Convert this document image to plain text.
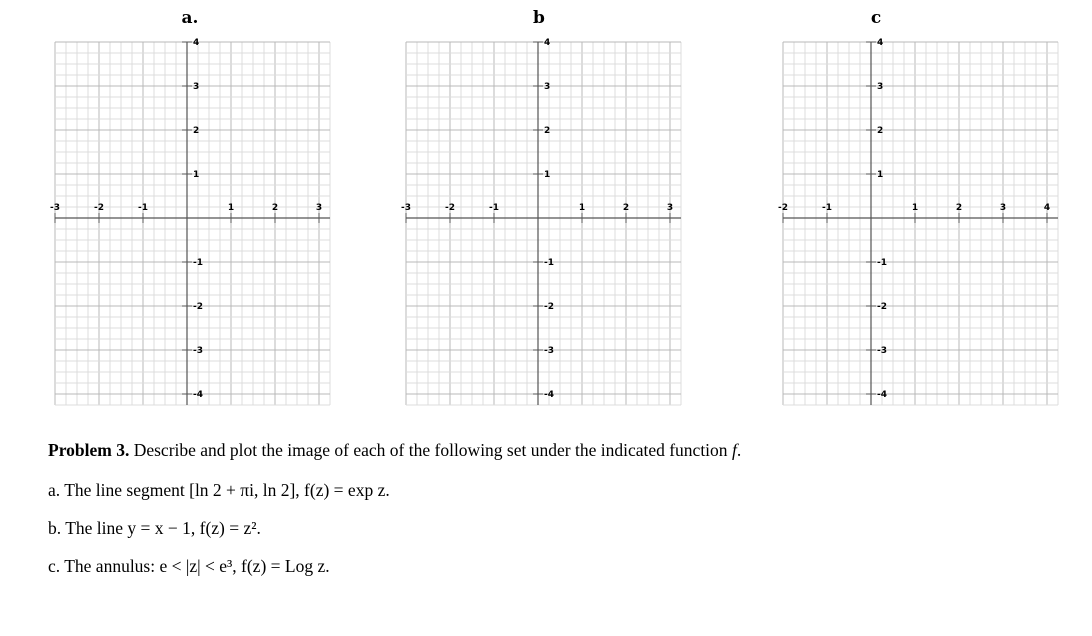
a.
-3	-2	-1	1	2	3
4
3
2
1
-1
-2
-3
-4
b
-3	-2	-1	1	2	3
4
3
2
1
-1
-2
-3
-4
c
-2	-1	1	2	3	4
4
3
2
1
-1
-2
-3
-4
Problem 3. Describe and plot the image of each of the following set under the indicated function f.
a. The line segment [ln 2 + πi, ln 2], f(z) = exp z.
b. The line y = x − 1, f(z) = z².
c. The annulus: e < |z| < e³, f(z) = Log z.
